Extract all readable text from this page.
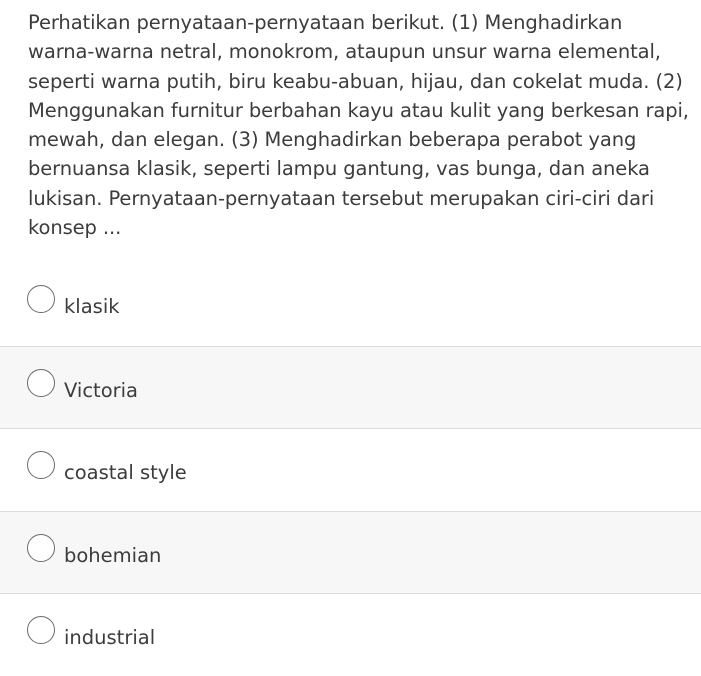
Perhatikan pernyataan-pernyataan berikut. (1) Menghadirkan warna-warna netral, monokrom, ataupun unsur warna elemental, seperti warna putih, biru keabu-abuan, hijau, dan cokelat muda. (2) Menggunakan furnitur berbahan kayu atau kulit yang berkesan rapi, mewah, dan elegan. (3) Menghadirkan beberapa perabot yang bernuansa klasik, seperti lampu gantung, vas bunga, dan aneka lukisan. Pernyataan-pernyataan tersebut merupakan ciri-ciri dari konsep ...

klasik
Victoria
coastal style
bohemian
industrial
